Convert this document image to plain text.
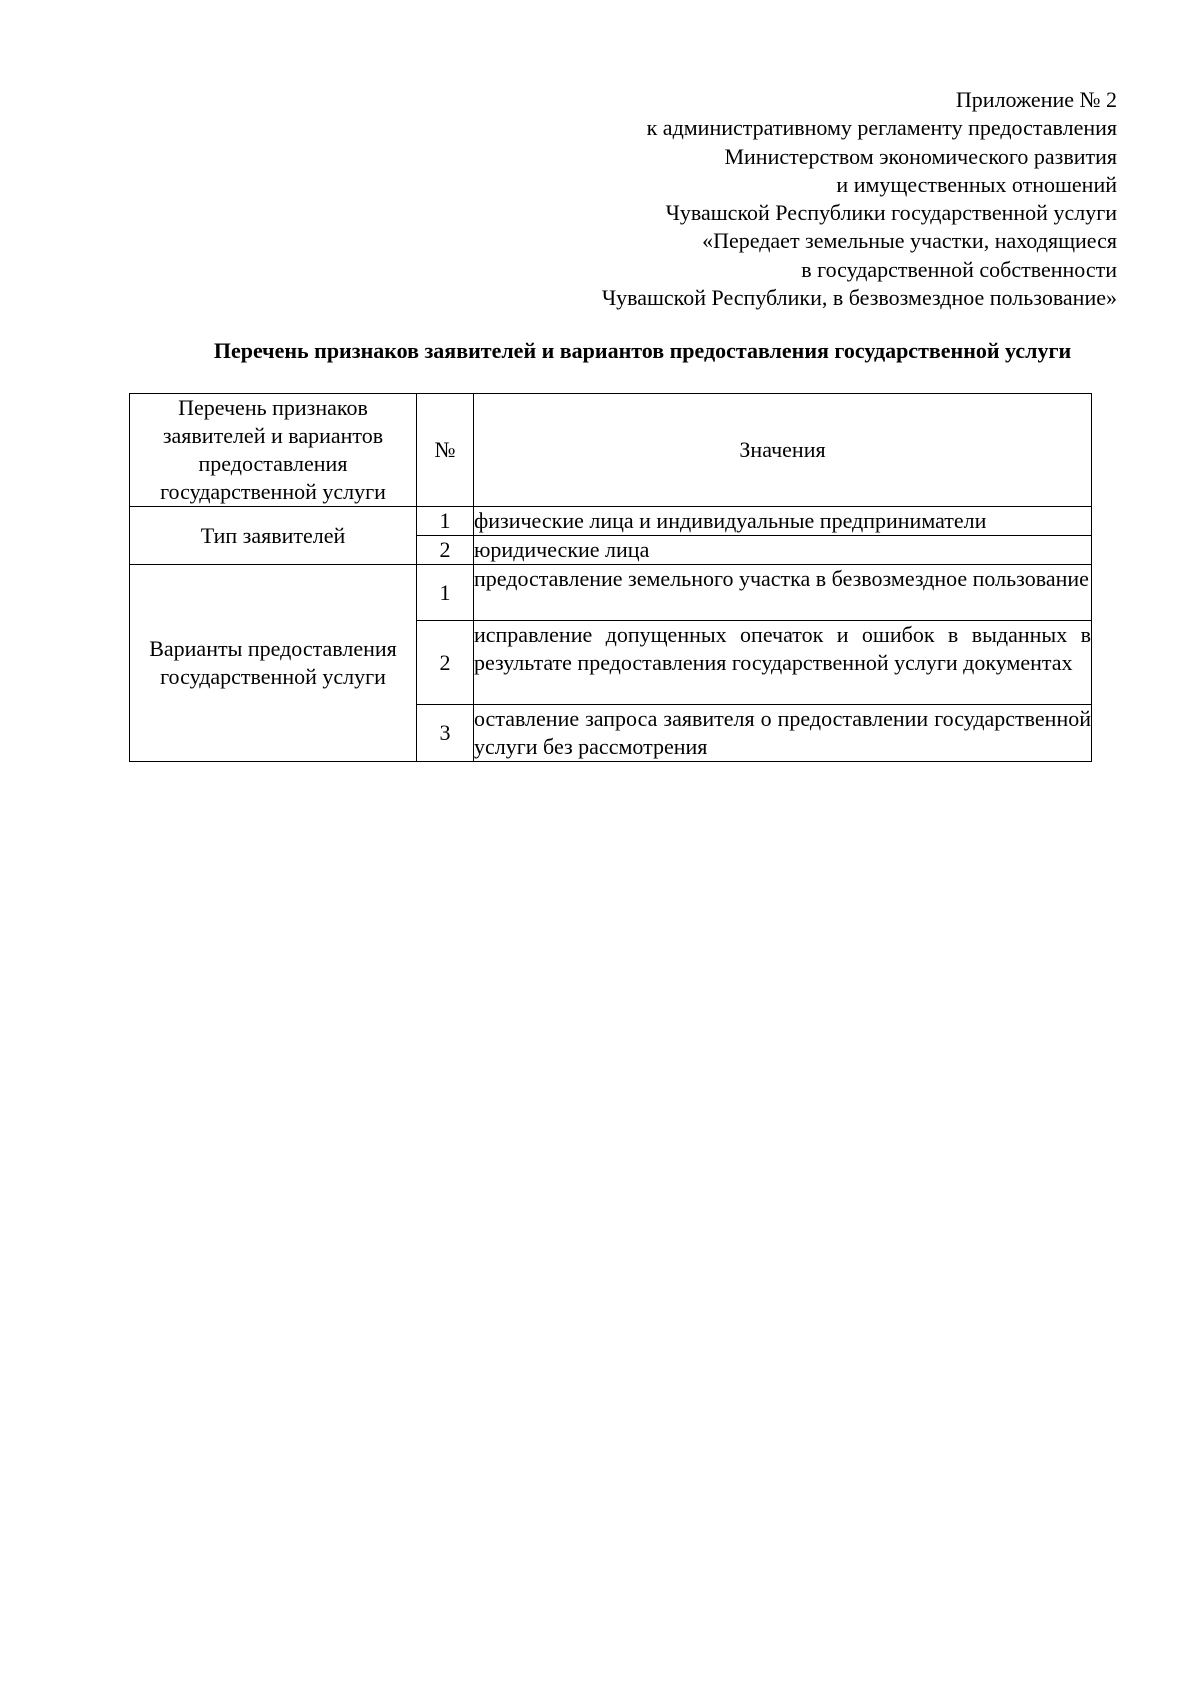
Приложение № 2
к административному регламенту предоставления
Министерством экономического развития
и имущественных отношений
Чувашской Республики государственной услуги
«Передает земельные участки, находящиеся
в государственной собственности
Чувашской Республики, в безвозмездное пользование»
Перечень признаков заявителей и вариантов предоставления государственной услуги
Перечень признаков заявителей и вариантов предоставления государственной услуги	№	Значения
Тип заявителей	1	физические лица и индивидуальные предприниматели
	2	юридические лица
Варианты предоставления государственной услуги	1	предоставление земельного участка в безвозмездное пользование
	2	исправление допущенных опечаток и ошибок в выданных в результате предоставления государственной услуги документах
	3	оставление запроса заявителя о предоставлении государственной услуги без рассмотрения
